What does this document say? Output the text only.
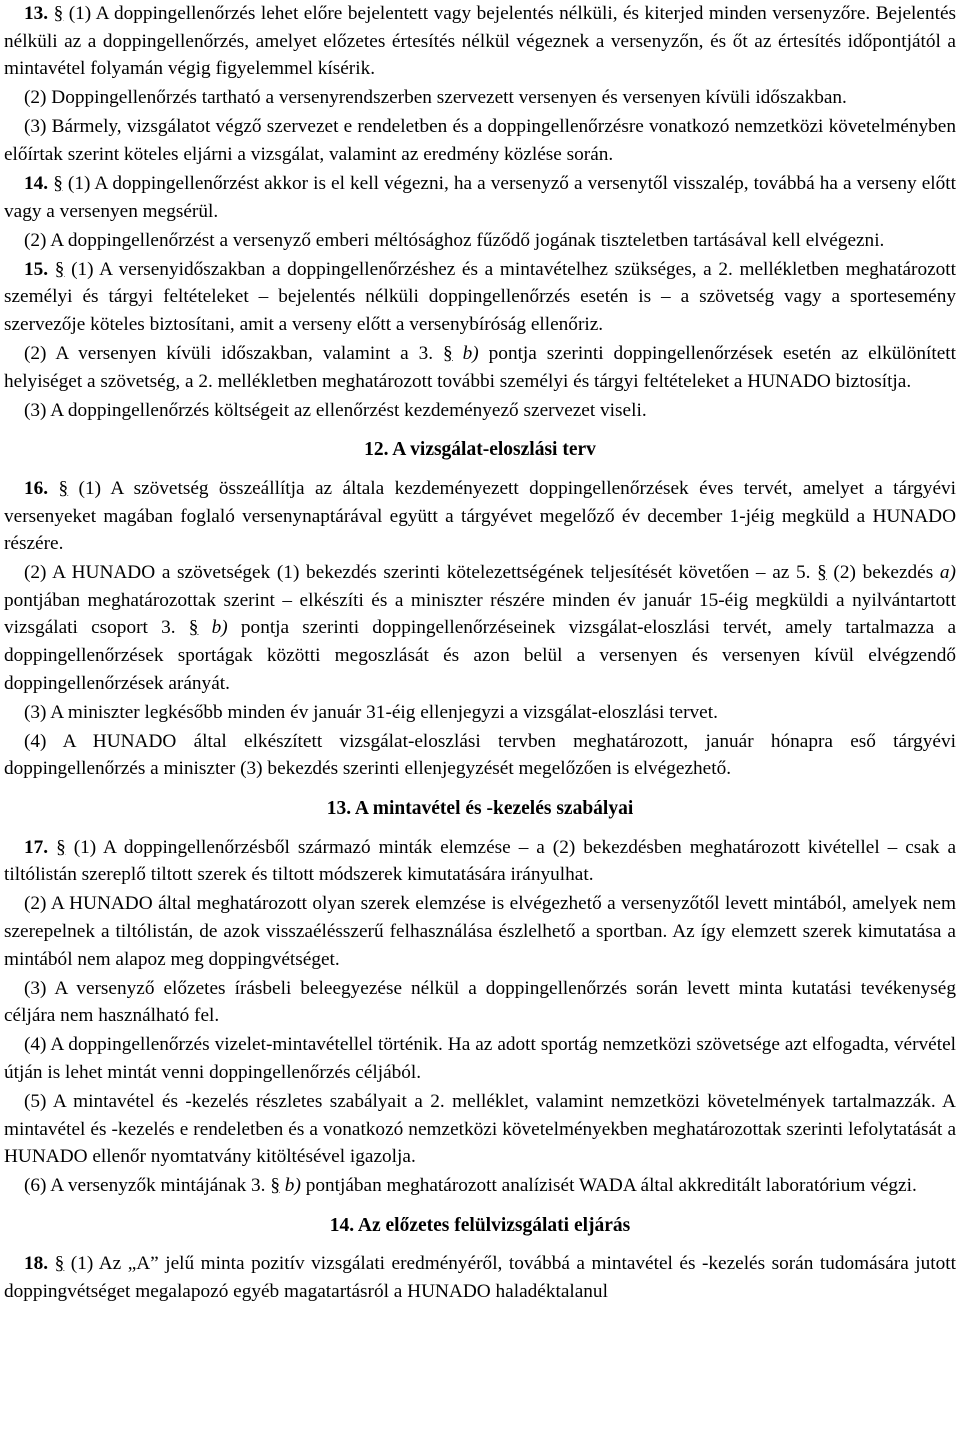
13. § (1) A doppingellenőrzés lehet előre bejelentett vagy bejelentés nélküli, és kiterjed minden versenyzőre. Bejelentés nélküli az a doppingellenőrzés, amelyet előzetes értesítés nélkül végeznek a versenyzőn, és őt az értesítés időpontjától a mintavétel folyamán végig figyelemmel kísérik.

(2) Doppingellenőrzés tartható a versenyrendszerben szervezett versenyen és versenyen kívüli időszakban.

(3) Bármely, vizsgálatot végző szervezet e rendeletben és a doppingellenőrzésre vonatkozó nemzetközi követelményben előírtak szerint köteles eljárni a vizsgálat, valamint az eredmény közlése során.

14. § (1) A doppingellenőrzést akkor is el kell végezni, ha a versenyző a versenytől visszalép, továbbá ha a verseny előtt vagy a versenyen megsérül.

(2) A doppingellenőrzést a versenyző emberi méltósághoz fűződő jogának tiszteletben tartásával kell elvégezni.

15. § (1) A versenyidőszakban a doppingellenőrzéshez és a mintavételhez szükséges, a 2. mellékletben meghatározott személyi és tárgyi feltételeket – bejelentés nélküli doppingellenőrzés esetén is – a szövetség vagy a sportesemény szervezője köteles biztosítani, amit a verseny előtt a versenybíróság ellenőriz.

(2) A versenyen kívüli időszakban, valamint a 3. § b) pontja szerinti doppingellenőrzések esetén az elkülönített helyiséget a szövetség, a 2. mellékletben meghatározott további személyi és tárgyi feltételeket a HUNADO biztosítja.

(3) A doppingellenőrzés költségeit az ellenőrzést kezdeményező szervezet viseli.

12. A vizsgálat-eloszlási terv

16. § (1) A szövetség összeállítja az általa kezdeményezett doppingellenőrzések éves tervét, amelyet a tárgyévi versenyeket magában foglaló versenynaptárával együtt a tárgyévet megelőző év december 1-jéig megküld a HUNADO részére.

(2) A HUNADO a szövetségek (1) bekezdés szerinti kötelezettségének teljesítését követően – az 5. § (2) bekezdés a) pontjában meghatározottak szerint – elkészíti és a miniszter részére minden év január 15-éig megküldi a nyilvántartott vizsgálati csoport 3. § b) pontja szerinti doppingellenőrzéseinek vizsgálat-eloszlási tervét, amely tartalmazza a doppingellenőrzések sportágak közötti megoszlását és azon belül a versenyen és versenyen kívül elvégzendő doppingellenőrzések arányát.

(3) A miniszter legkésőbb minden év január 31-éig ellenjegyzi a vizsgálat-eloszlási tervet.

(4) A HUNADO által elkészített vizsgálat-eloszlási tervben meghatározott, január hónapra eső tárgyévi doppingellenőrzés a miniszter (3) bekezdés szerinti ellenjegyzését megelőzően is elvégezhető.

13. A mintavétel és -kezelés szabályai

17. § (1) A doppingellenőrzésből származó minták elemzése – a (2) bekezdésben meghatározott kivétellel – csak a tiltólistán szereplő tiltott szerek és tiltott módszerek kimutatására irányulhat.

(2) A HUNADO által meghatározott olyan szerek elemzése is elvégezhető a versenyzőtől levett mintából, amelyek nem szerepelnek a tiltólistán, de azok visszaélésszerű felhasználása észlelhető a sportban. Az így elemzett szerek kimutatása a mintából nem alapoz meg doppingvétséget.

(3) A versenyző előzetes írásbeli beleegyezése nélkül a doppingellenőrzés során levett minta kutatási tevékenység céljára nem használható fel.

(4) A doppingellenőrzés vizelet-mintavétellel történik. Ha az adott sportág nemzetközi szövetsége azt elfogadta, vérvétel útján is lehet mintát venni doppingellenőrzés céljából.

(5) A mintavétel és -kezelés részletes szabályait a 2. melléklet, valamint nemzetközi követelmények tartalmazzák. A mintavétel és -kezelés e rendeletben és a vonatkozó nemzetközi követelményekben meghatározottak szerinti lefolytatását a HUNADO ellenőr nyomtatvány kitöltésével igazolja.

(6) A versenyzők mintájának 3. § b) pontjában meghatározott analízisét WADA által akkreditált laboratórium végzi.

14. Az előzetes felülvizsgálati eljárás

18. § (1) Az „A” jelű minta pozitív vizsgálati eredményéről, továbbá a mintavétel és -kezelés során tudomására jutott doppingvétséget megalapozó egyéb magatartásról a HUNADO haladéktalanul
